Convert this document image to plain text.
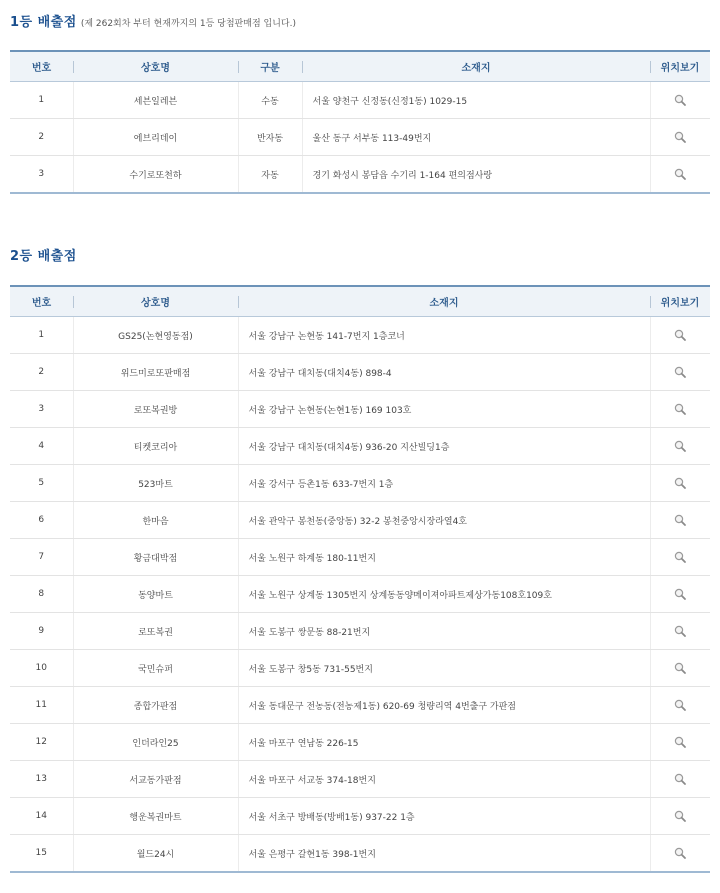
1등 배출점 (제 262회차 부터 현재까지의 1등 당첨판매점 입니다.)
번호	상호명	구분	소재지	위치보기
1	세븐일레븐	수동	서울 양천구 신정동(신정1동) 1029-15	
2	에브리데이	반자동	울산 동구 서부동 113-49번지	
3	수기로또천하	자동	경기 화성시 봉담읍 수기리 1-164 편의점사랑	
2등 배출점
번호	상호명	소재지	위치보기
1	GS25(논현영동점)	서울 강남구 논현동 141-7번지 1층코너	
2	위드미로또판매점	서울 강남구 대치동(대치4동) 898-4	
3	로또복권방	서울 강남구 논현동(논현1동) 169 103호	
4	티켓코리아	서울 강남구 대치동(대치4동) 936-20 지산빌딩1층	
5	523마트	서울 강서구 등촌1동 633-7번지 1층	
6	한마음	서울 관악구 봉천동(중앙동) 32-2 봉천중앙시장라열4호	
7	황금대박점	서울 노원구 하계동 180-11번지	
8	동양마트	서울 노원구 상계동 1305번지 상계동동양메이져아파트제상가동108호109호	
9	로또복권	서울 도봉구 쌍문동 88-21번지	
10	국민슈퍼	서울 도봉구 창5동 731-55번지	
11	종합가판점	서울 동대문구 전농동(전농제1동) 620-69 청량리역 4번출구 가판점	
12	인더라인25	서울 마포구 연남동 226-15	
13	서교동가판점	서울 마포구 서교동 374-18번지	
14	행운복권마트	서울 서초구 방배동(방배1동) 937-22 1층	
15	월드24시	서울 은평구 갈현1동 398-1번지	
